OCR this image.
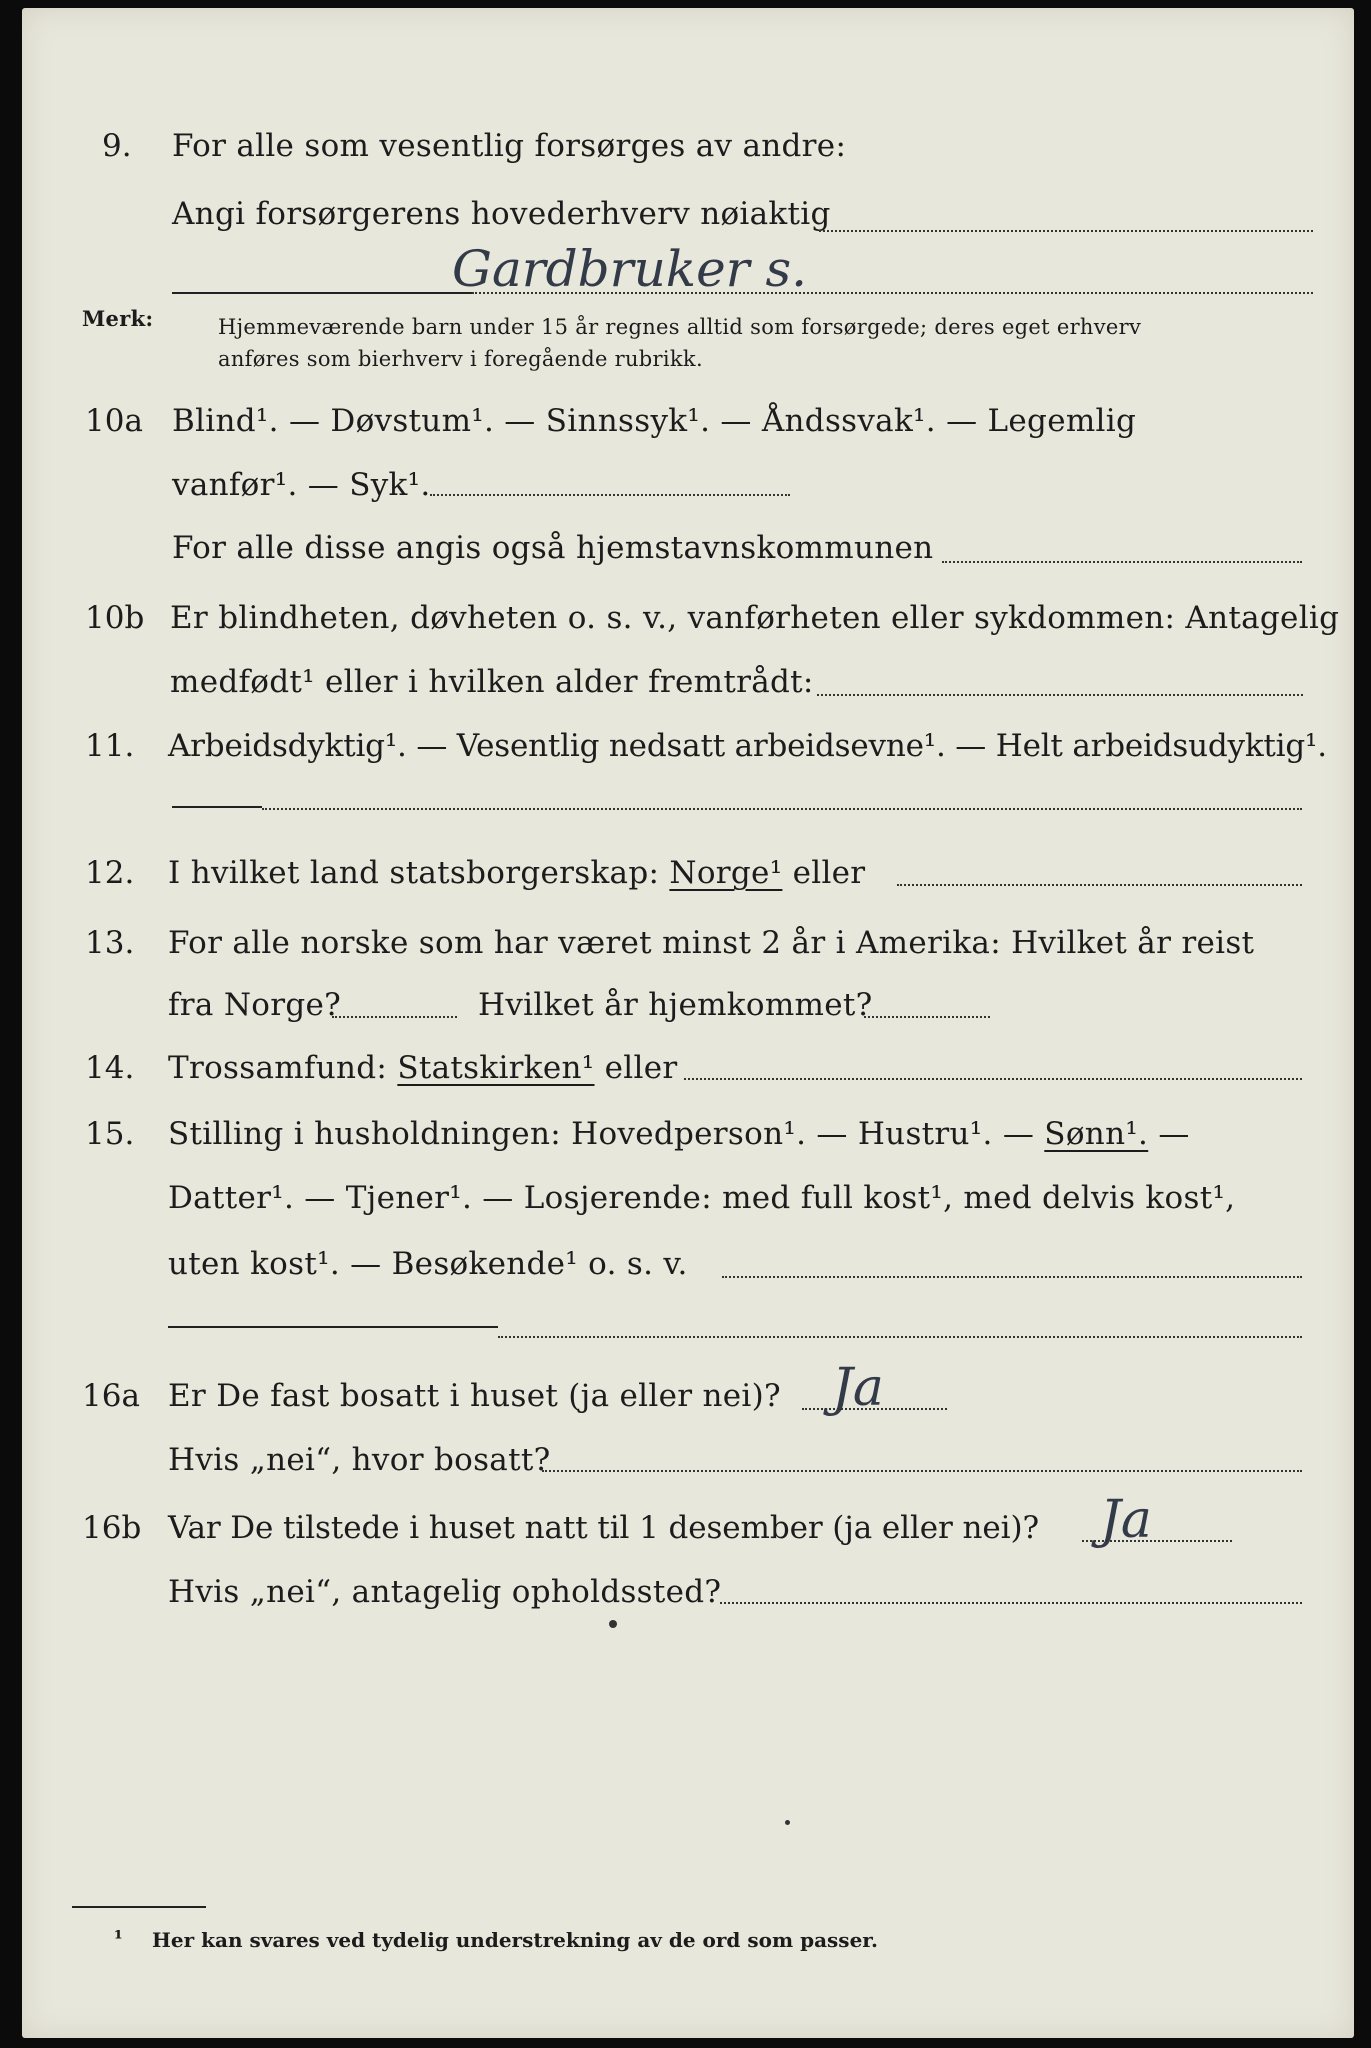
9. For alle som vesentlig forsørges av andre:
Angi forsørgerens hovederhverv nøiaktig
Gardbruker s.
Merk:	Hjemmeværende barn under 15 år regnes alltid som forsørgede; deres eget erhverv
anføres som bierhverv i foregående rubrikk.
10a Blind¹. — Døvstum¹. — Sinnssyk¹. — Åndssvak¹. — Legemlig
vanfør¹. — Syk¹.
For alle disse angis også hjemstavnskommunen
10b Er blindheten, døvheten o. s. v., vanførheten eller sykdommen: Antagelig
medfødt¹ eller i hvilken alder fremtrådt:
11. Arbeidsdyktig¹. — Vesentlig nedsatt arbeidsevne¹. — Helt arbeidsudyktig¹.
12. I hvilket land statsborgerskap: Norge¹ eller
13. For alle norske som har været minst 2 år i Amerika: Hvilket år reist
fra Norge?	Hvilket år hjemkommet?
14. Trossamfund: Statskirken¹ eller
15. Stilling i husholdningen: Hovedperson¹. — Hustru¹. — Sønn¹. —
Datter¹. — Tjener¹. — Losjerende: med full kost¹, med delvis kost¹,
uten kost¹. — Besøkende¹ o. s. v.
16a Er De fast bosatt i huset (ja eller nei)? Ja
Hvis „nei“, hvor bosatt?
16b Var De tilstede i huset natt til 1 desember (ja eller nei)? Ja
Hvis „nei“, antagelig opholdssted?
¹ Her kan svares ved tydelig understrekning av de ord som passer.
